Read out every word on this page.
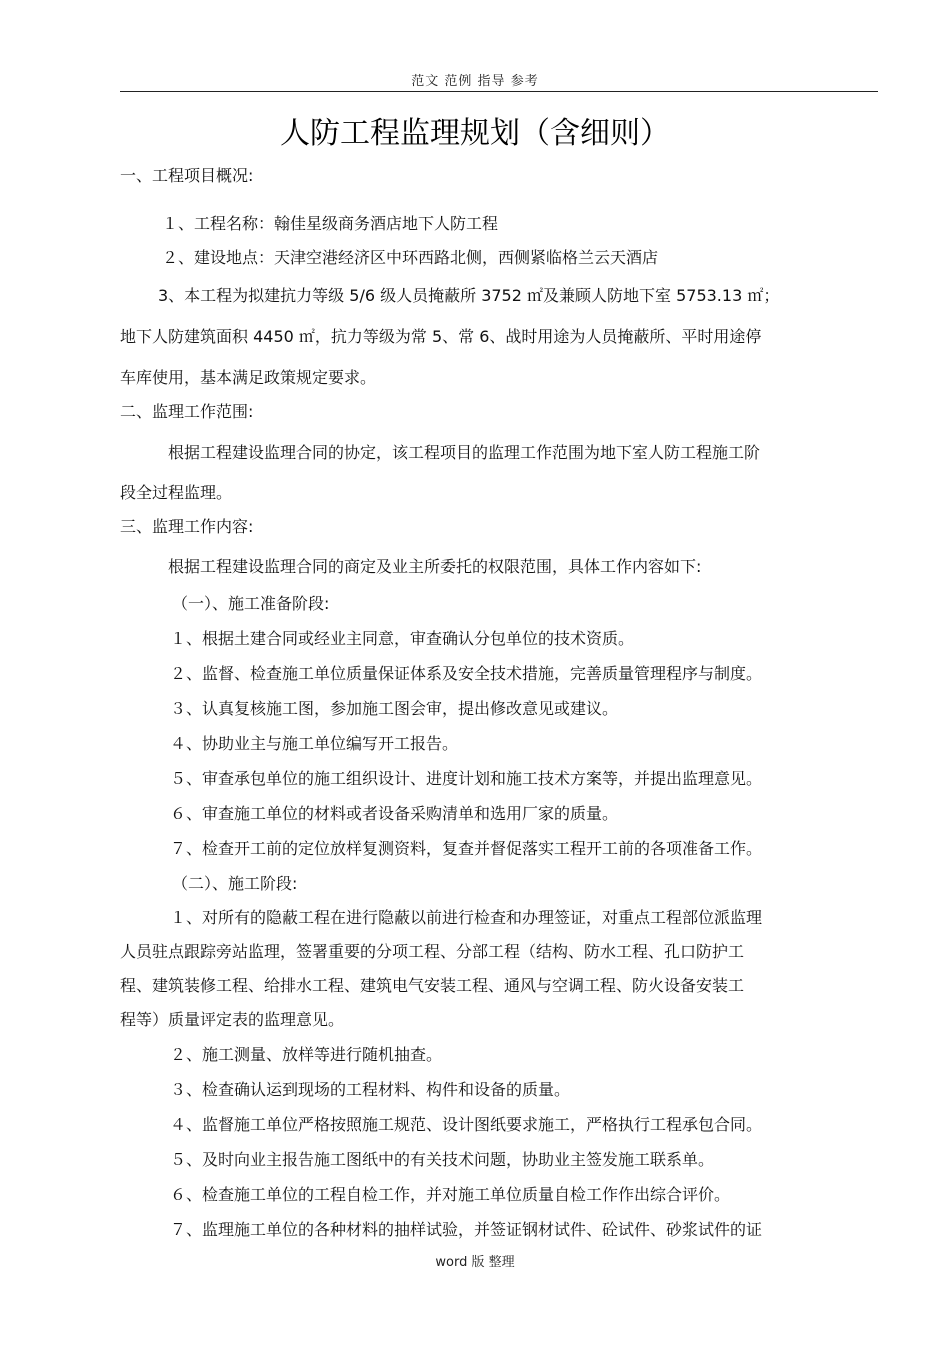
范文 范例 指导 参考
人防工程监理规划（含细则）
一、工程项目概况:
１、工程名称：翰佳星级商务酒店地下人防工程
２、建设地点：天津空港经济区中环西路北侧，西侧紧临格兰云天酒店
3、本工程为拟建抗力等级 5/6 级人员掩蔽所 3752 ㎡及兼顾人防地下室 5753.13 ㎡；
地下人防建筑面积 4450 ㎡，抗力等级为常 5、常 6、战时用途为人员掩蔽所、平时用途停
车库使用，基本满足政策规定要求。
二、监理工作范围:
根据工程建设监理合同的协定，该工程项目的监理工作范围为地下室人防工程施工阶
段全过程监理。
三、监理工作内容:
根据工程建设监理合同的商定及业主所委托的权限范围，具体工作内容如下:
（一）、施工准备阶段:
１、根据土建合同或经业主同意，审查确认分包单位的技术资质。
２、监督、检查施工单位质量保证体系及安全技术措施，完善质量管理程序与制度。
３、认真复核施工图，参加施工图会审，提出修改意见或建议。
４、协助业主与施工单位编写开工报告。
５、审查承包单位的施工组织设计、进度计划和施工技术方案等，并提出监理意见。
６、审查施工单位的材料或者设备采购清单和选用厂家的质量。
７、检查开工前的定位放样复测资料，复查并督促落实工程开工前的各项准备工作。
（二）、施工阶段:
１、对所有的隐蔽工程在进行隐蔽以前进行检查和办理签证，对重点工程部位派监理
人员驻点跟踪旁站监理，签署重要的分项工程、分部工程（结构、防水工程、孔口防护工
程、建筑装修工程、给排水工程、建筑电气安装工程、通风与空调工程、防火设备安装工
程等）质量评定表的监理意见。
２、施工测量、放样等进行随机抽查。
３、检查确认运到现场的工程材料、构件和设备的质量。
４、监督施工单位严格按照施工规范、设计图纸要求施工，严格执行工程承包合同。
５、及时向业主报告施工图纸中的有关技术问题，协助业主签发施工联系单。
６、检查施工单位的工程自检工作，并对施工单位质量自检工作作出综合评价。
７、监理施工单位的各种材料的抽样试验，并签证钢材试件、砼试件、砂浆试件的证
word 版 整理
